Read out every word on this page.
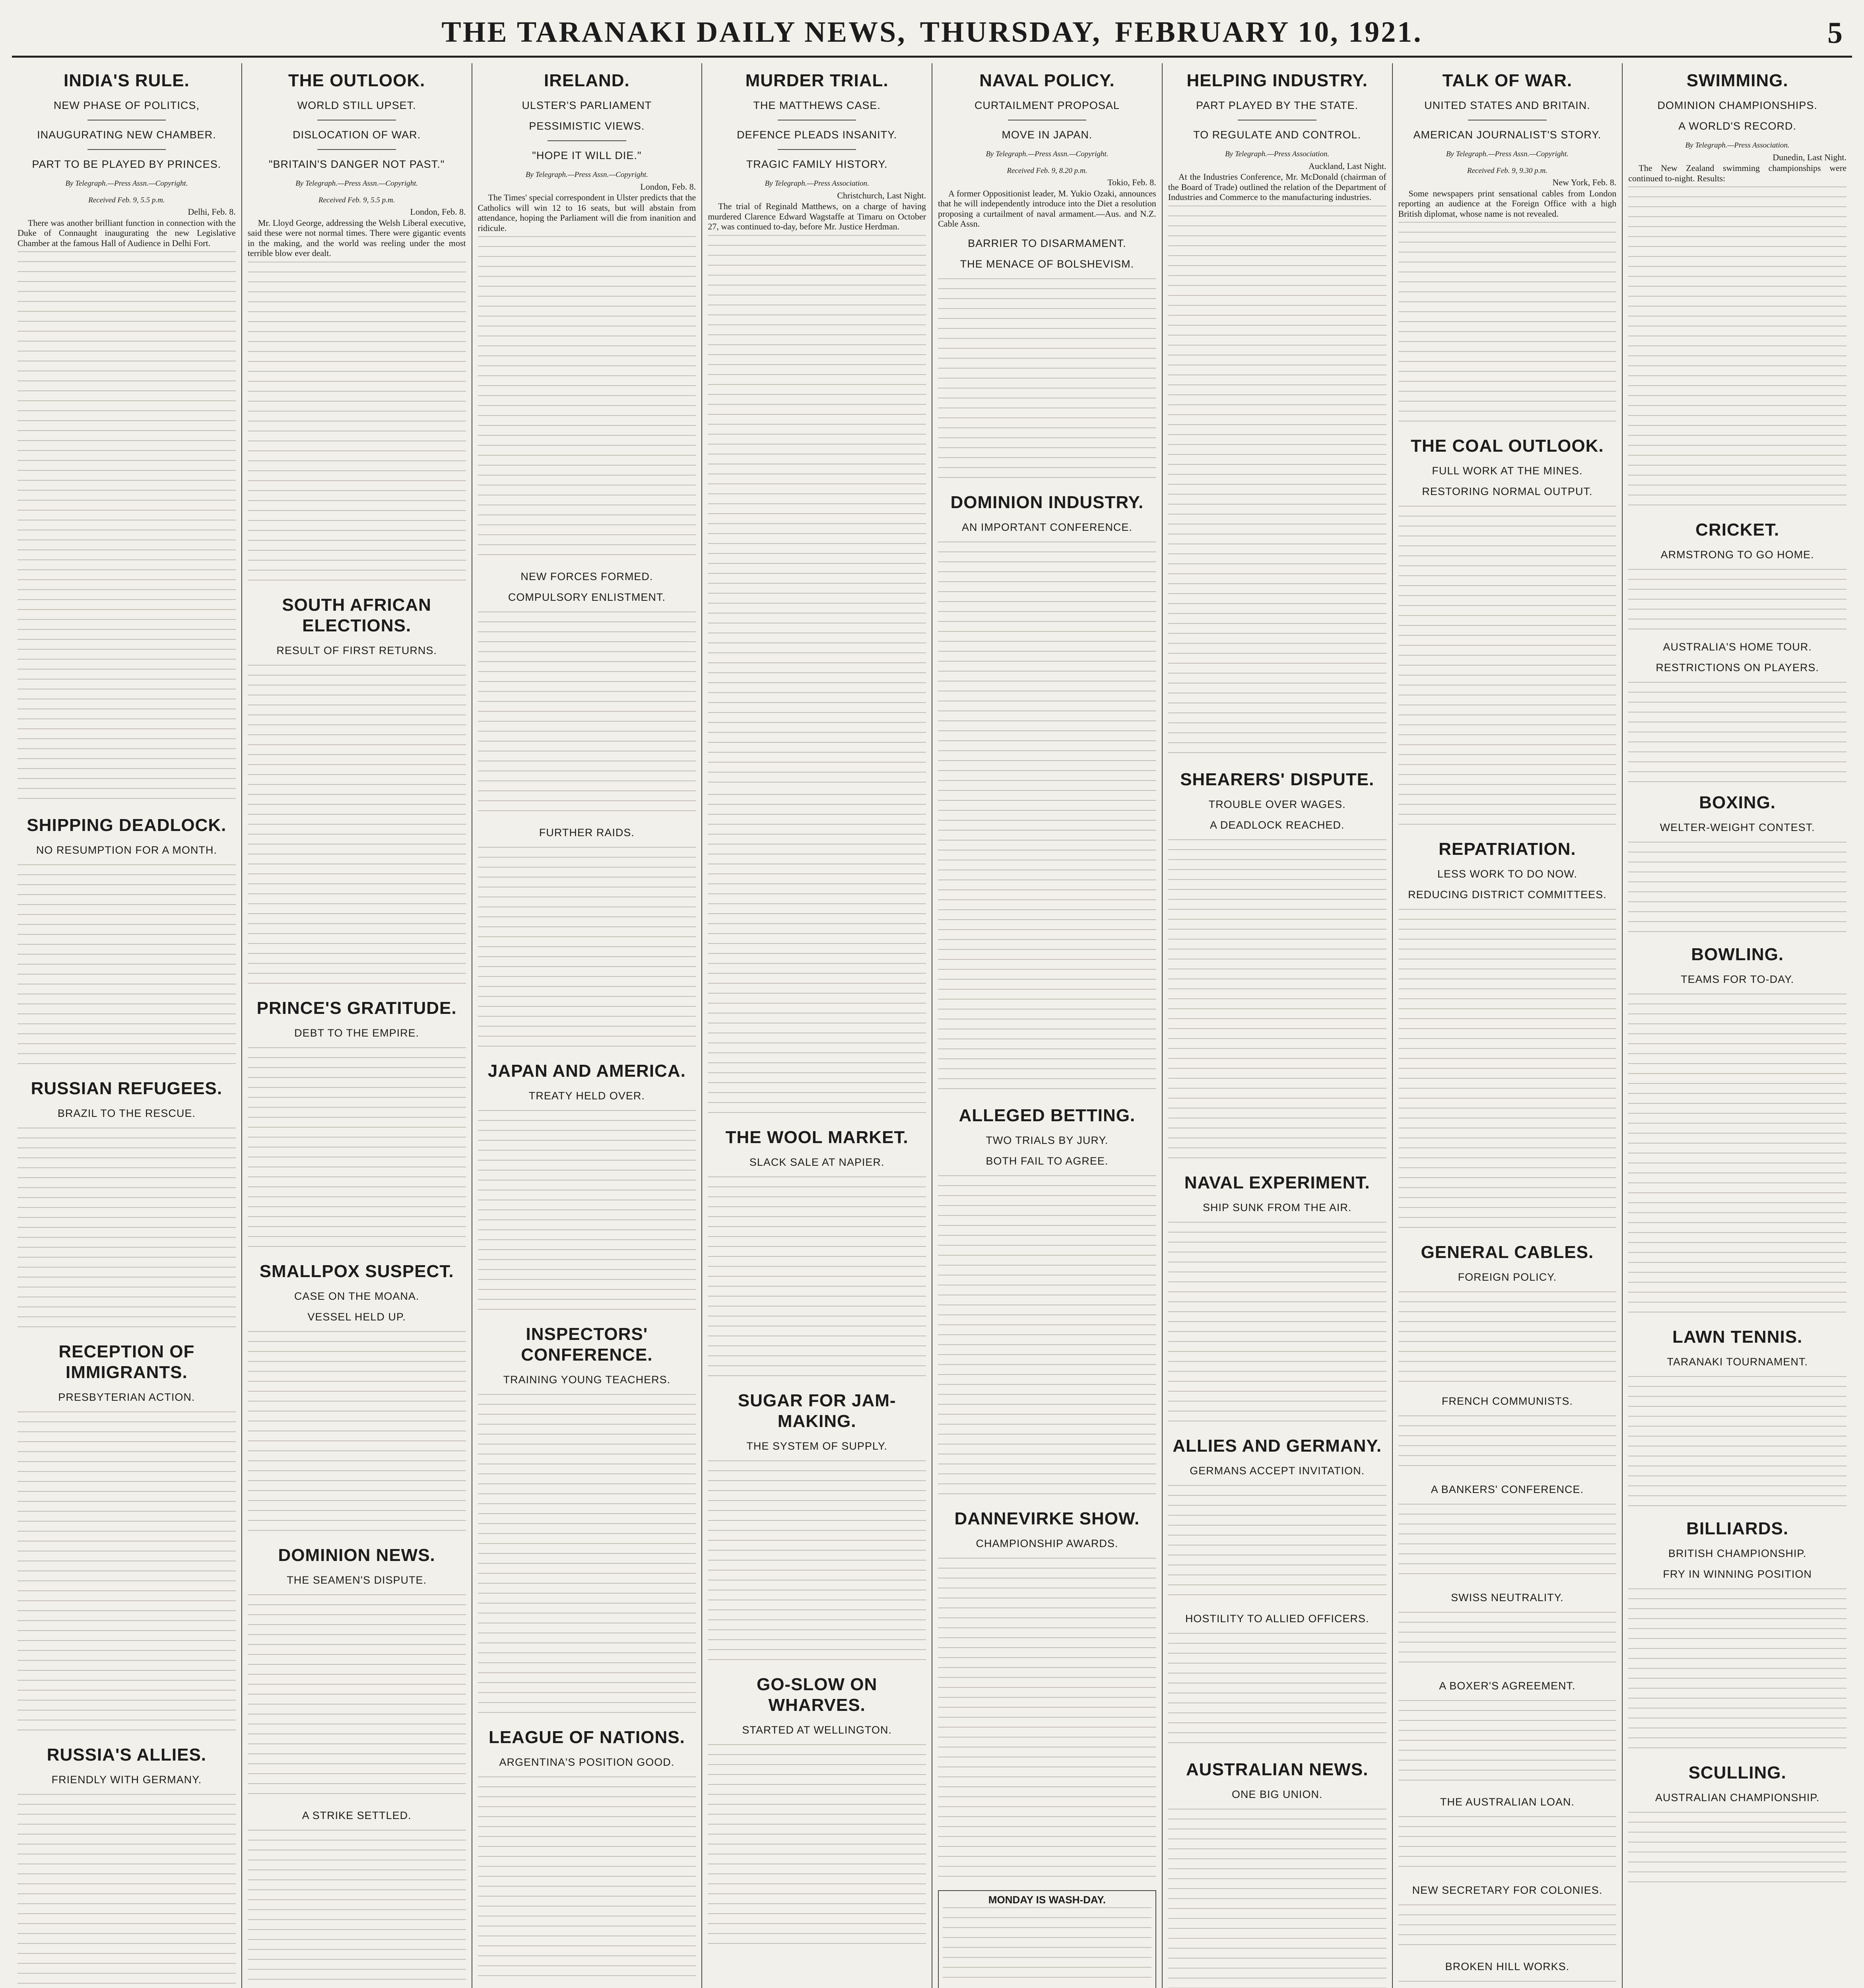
THE TARANAKI DAILY NEWS, THURSDAY, FEBRUARY 10, 1921.	5
INDIA'S RULE.
NEW PHASE OF POLITICS,
INAUGURATING NEW CHAMBER.
PART TO BE PLAYED BY PRINCES.
By Telegraph.—Press Assn.—Copyright.
Received Feb. 9, 5.5 p.m.
Delhi, Feb. 8.

There was another brilliant function in connection with the Duke of Connaught inaugurating the new Legislative Chamber at the famous Hall of Audience in Delhi Fort.

SHIPPING DEADLOCK.
NO RESUMPTION FOR A MONTH.
RUSSIAN REFUGEES.
BRAZIL TO THE RESCUE.
RECEPTION OF IMMIGRANTS.
PRESBYTERIAN ACTION.
RUSSIA'S ALLIES.
FRIENDLY WITH GERMANY.
THE OUTLOOK.
WORLD STILL UPSET.
DISLOCATION OF WAR.
"BRITAIN'S DANGER NOT PAST."
By Telegraph.—Press Assn.—Copyright.
Received Feb. 9, 5.5 p.m.
London, Feb. 8.

Mr. Lloyd George, addressing the Welsh Liberal executive, said these were not normal times. There were gigantic events in the making, and the world was reeling under the most terrible blow ever dealt.

SOUTH AFRICAN ELECTIONS.
RESULT OF FIRST RETURNS.
PRINCE'S GRATITUDE.
DEBT TO THE EMPIRE.
SMALLPOX SUSPECT.
CASE ON THE MOANA.
VESSEL HELD UP.
DOMINION NEWS.
THE SEAMEN'S DISPUTE.
A STRIKE SETTLED.
IRELAND.
ULSTER'S PARLIAMENT
PESSIMISTIC VIEWS.
"HOPE IT WILL DIE."
By Telegraph.—Press Assn.—Copyright.
London, Feb. 8.

The Times' special correspondent in Ulster predicts that the Catholics will win 12 to 16 seats, but will abstain from attendance, hoping the Parliament will die from inanition and ridicule.

NEW FORCES FORMED.
COMPULSORY ENLISTMENT.
FURTHER RAIDS.
JAPAN AND AMERICA.
TREATY HELD OVER.
INSPECTORS' CONFERENCE.
TRAINING YOUNG TEACHERS.
LEAGUE OF NATIONS.
ARGENTINA'S POSITION GOOD.
MURDER TRIAL.
THE MATTHEWS CASE.
DEFENCE PLEADS INSANITY.
TRAGIC FAMILY HISTORY.
By Telegraph.—Press Association.
Christchurch, Last Night.

The trial of Reginald Matthews, on a charge of having murdered Clarence Edward Wagstaffe at Timaru on October 27, was continued to-day, before Mr. Justice Herdman.

THE WOOL MARKET.
SLACK SALE AT NAPIER.
SUGAR FOR JAM-MAKING.
THE SYSTEM OF SUPPLY.
GO-SLOW ON WHARVES.
STARTED AT WELLINGTON.
NAVAL POLICY.
CURTAILMENT PROPOSAL
MOVE IN JAPAN.
By Telegraph.—Press Assn.—Copyright.
Received Feb. 9, 8.20 p.m.
Tokio, Feb. 8.

A former Oppositionist leader, M. Yukio Ozaki, announces that he will independently introduce into the Diet a resolution proposing a curtailment of naval armament.—Aus. and N.Z. Cable Assn.

BARRIER TO DISARMAMENT.
THE MENACE OF BOLSHEVISM.
DOMINION INDUSTRY.
AN IMPORTANT CONFERENCE.
ALLEGED BETTING.
TWO TRIALS BY JURY.
BOTH FAIL TO AGREE.
DANNEVIRKE SHOW.
CHAMPIONSHIP AWARDS.
MONDAY IS WASH-DAY.
HELPING INDUSTRY.
PART PLAYED BY THE STATE.
TO REGULATE AND CONTROL.
By Telegraph.—Press Association.
Auckland, Last Night.

At the Industries Conference, Mr. McDonald (chairman of the Board of Trade) outlined the relation of the Department of Industries and Commerce to the manufacturing industries.

SHEARERS' DISPUTE.
TROUBLE OVER WAGES.
A DEADLOCK REACHED.
NAVAL EXPERIMENT.
SHIP SUNK FROM THE AIR.
ALLIES AND GERMANY.
GERMANS ACCEPT INVITATION.
HOSTILITY TO ALLIED OFFICERS.
AUSTRALIAN NEWS.
ONE BIG UNION.
TALK OF WAR.
UNITED STATES AND BRITAIN.
AMERICAN JOURNALIST'S STORY.
By Telegraph.—Press Assn.—Copyright.
Received Feb. 9, 9.30 p.m.
New York, Feb. 8.

Some newspapers print sensational cables from London reporting an audience at the Foreign Office with a high British diplomat, whose name is not revealed.

THE COAL OUTLOOK.
FULL WORK AT THE MINES.
RESTORING NORMAL OUTPUT.
REPATRIATION.
LESS WORK TO DO NOW.
REDUCING DISTRICT COMMITTEES.
GENERAL CABLES.
FOREIGN POLICY.
FRENCH COMMUNISTS.
A BANKERS' CONFERENCE.
SWISS NEUTRALITY.
A BOXER'S AGREEMENT.
THE AUSTRALIAN LOAN.
NEW SECRETARY FOR COLONIES.
BROKEN HILL WORKS.
SWIMMING.
DOMINION CHAMPIONSHIPS.
A WORLD'S RECORD.
By Telegraph.—Press Association.
Dunedin, Last Night.

The New Zealand swimming championships were continued to-night. Results:

CRICKET.
ARMSTRONG TO GO HOME.
AUSTRALIA'S HOME TOUR.
RESTRICTIONS ON PLAYERS.
BOXING.
WELTER-WEIGHT CONTEST.
BOWLING.
TEAMS FOR TO-DAY.
LAWN TENNIS.
TARANAKI TOURNAMENT.
BILLIARDS.
BRITISH CHAMPIONSHIP.
FRY IN WINNING POSITION
SCULLING.
AUSTRALIAN CHAMPIONSHIP.
